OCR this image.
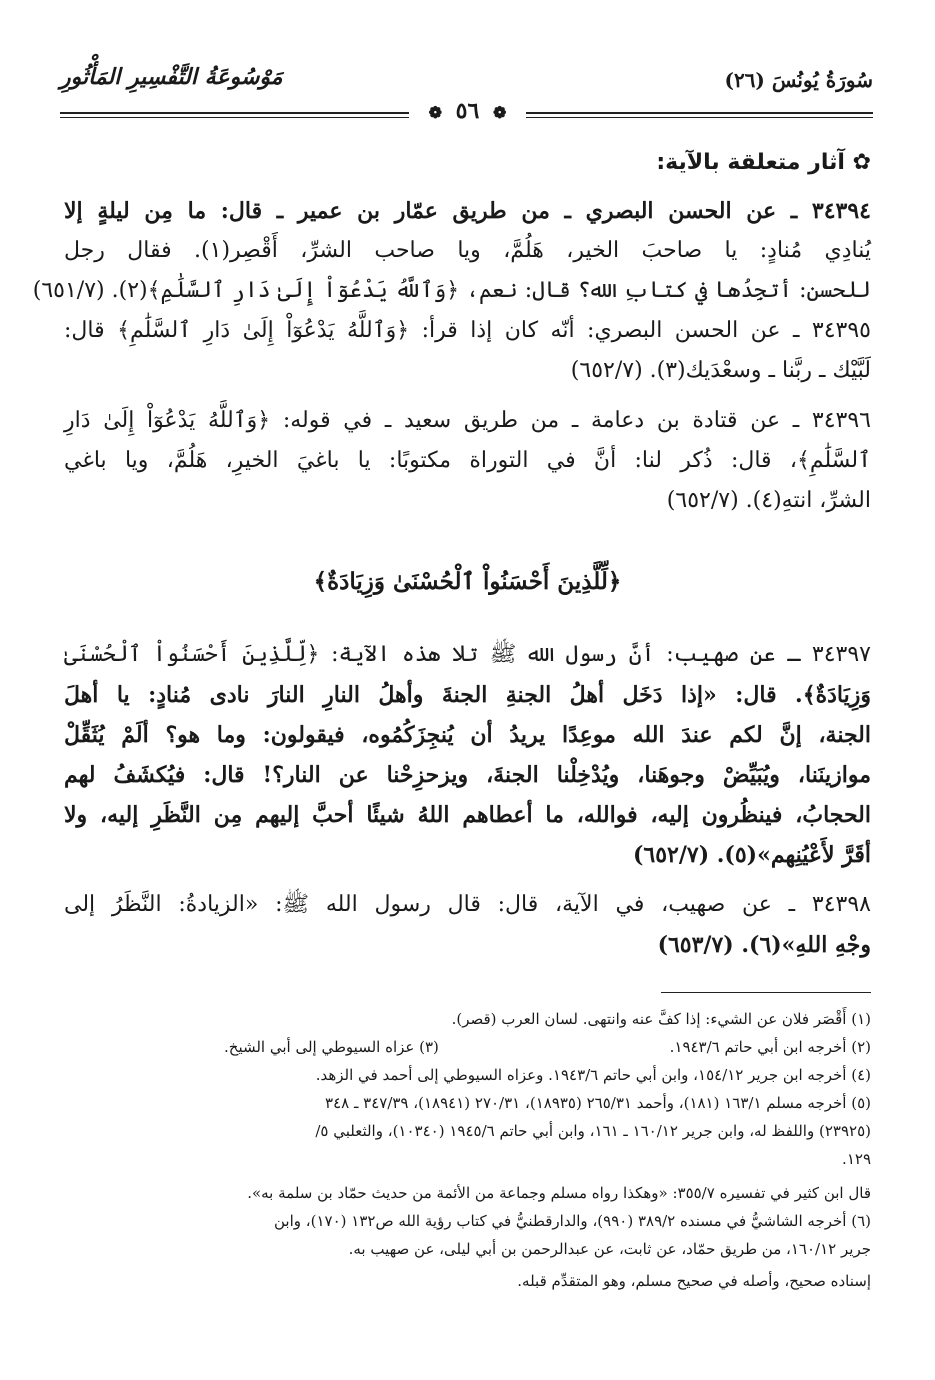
سُورَةُ يُونُسَ (٢٦)
مَوْسُوعَةُ التَّفْسِيرِ المَأْثُورِ
❁ ٥٦ ❁
✿ آثار متعلقة بالآية:
٣٤٣٩٤ ـ عن الحسن البصري ـ من طريق عمّار بن عمير ـ قال: ما مِن ليلةٍ إلا
يُنادِي مُنادٍ: يا صاحبَ الخير، هَلُمَّ، ويا صاحب الشرِّ، أَقْصِر(١). فقال رجل
للحسن: أتجِدُها في كتابِ الله؟ قال: نعم، ﴿وَٱللَّهُ يَدْعُوٓاْ إِلَىٰ دَارِ ٱلسَّلَٰمِ﴾(٢). (٦٥١/٧)
٣٤٣٩٥ ـ عن الحسن البصري: أنّه كان إذا قرأ: ﴿وَٱللَّهُ يَدْعُوٓاْ إِلَىٰ دَارِ ٱلسَّلَٰمِ﴾ قال:
لَبَّيْك ـ ربَّنا ـ وسعْدَيك(٣). (٦٥٢/٧)
٣٤٣٩٦ ـ عن قتادة بن دعامة ـ من طريق سعيد ـ في قوله: ﴿وَٱللَّهُ يَدْعُوٓاْ إِلَىٰ دَارِ
ٱلسَّلَٰمِ﴾، قال: ذُكر لنا: أنَّ في التوراة مكتوبًا: يا باغيَ الخيرِ، هَلُمَّ، ويا باغي
الشرِّ، انتهِ(٤). (٦٥٢/٧)
﴿لِّلَّذِينَ أَحْسَنُواْ ٱلْحُسْنَىٰ وَزِيَادَةٌ﴾
٣٤٣٩٧ ـ عن صهيب: أنَّ رسول الله ﷺ تلا هذه الآية: ﴿لِّلَّذِينَ أَحْسَنُواْ ٱلْحُسْنَىٰ
وَزِيَادَةٌ﴾. قال: «إذا دَخَل أهلُ الجنةِ الجنةَ وأهلُ النارِ النارَ نادى مُنادٍ: يا أهلَ
الجنة، إنَّ لكم عندَ الله موعِدًا يريدُ أن يُنجِزَكُمُوه، فيقولون: وما هو؟ ألَمْ يُثَقِّلْ
موازينَنا، ويُبَيِّضْ وجوهَنا، ويُدْخِلْنا الجنةَ، ويزحزِحْنا عن النار؟! قال: فيُكشَفُ لهم
الحجابُ، فينظُرون إليه، فوالله، ما أعطاهم اللهُ شيئًا أحبَّ إليهم مِن النَّظَرِ إليه، ولا
أقَرَّ لأَعْيُنِهم»(٥). (٦٥٢/٧)
٣٤٣٩٨ ـ عن صهيب، في الآية، قال: قال رسول الله ﷺ: «الزيادةُ: النَّظَرُ إلى
وجْهِ اللهِ»(٦). (٦٥٣/٧)
(١) أَقْصَر فلان عن الشيء: إذا كفَّ عنه وانتهى. لسان العرب (قصر).
(٢) أخرجه ابن أبي حاتم ١٩٤٣/٦.
(٣) عزاه السيوطي إلى أبي الشيخ.
(٤) أخرجه ابن جرير ١٥٤/١٢، وابن أبي حاتم ١٩٤٣/٦. وعزاه السيوطي إلى أحمد في الزهد.
(٥) أخرجه مسلم ١٦٣/١ (١٨١)، وأحمد ٢٦٥/٣١ (١٨٩٣٥)، ٢٧٠/٣١ (١٨٩٤١)، ٣٤٧/٣٩ ـ ٣٤٨
(٢٣٩٢٥) واللفظ له، وابن جرير ١٦٠/١٢ ـ ١٦١، وابن أبي حاتم ١٩٤٥/٦ (١٠٣٤٠)، والثعلبي ٥/
١٢٩.
قال ابن كثير في تفسيره ٣٥٥/٧: «وهكذا رواه مسلم وجماعة من الأئمة من حديث حمّاد بن سلمة به».
(٦) أخرجه الشاشيُّ في مسنده ٣٨٩/٢ (٩٩٠)، والدارقطنيُّ في كتاب رؤية الله ص١٣٢ (١٧٠)، وابن
جرير ١٦٠/١٢، من طريق حمّاد، عن ثابت، عن عبدالرحمن بن أبي ليلى، عن صهيب به.
إسناده صحيح، وأصله في صحيح مسلم، وهو المتقدِّم قبله.
